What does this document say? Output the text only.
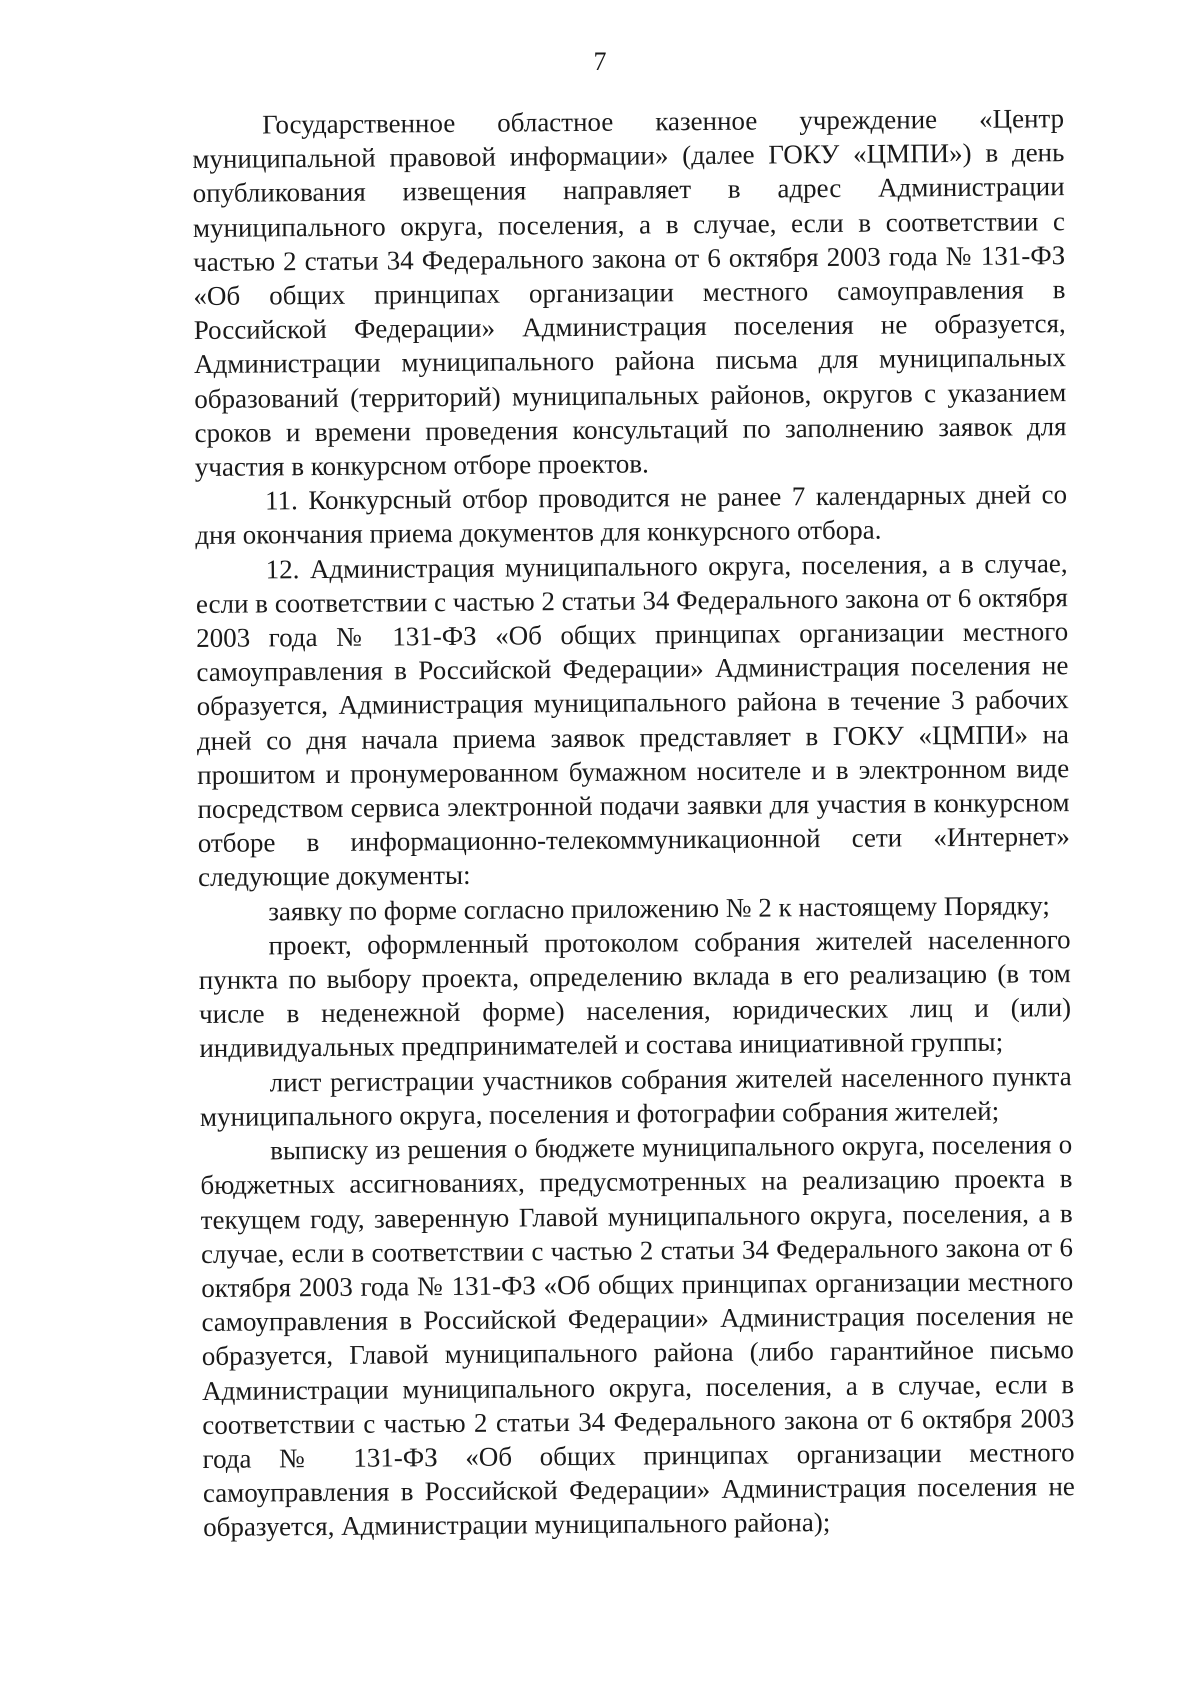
7

Государственное областное казенное учреждение «Центр муниципальной правовой информации» (далее ГОКУ «ЦМПИ») в день опубликования извещения направляет в адрес Администрации муниципального округа, поселения, а в случае, если в соответствии с частью 2 статьи 34 Федерального закона от 6 октября 2003 года № 131-ФЗ «Об общих принципах организации местного самоуправления в Российской Федерации» Администрация поселения не образуется, Администрации муниципального района письма для муниципальных образований (территорий) муниципальных районов, округов с указанием сроков и времени проведения консультаций по заполнению заявок для участия в конкурсном отборе проектов.

11. Конкурсный отбор проводится не ранее 7 календарных дней со дня окончания приема документов для конкурсного отбора.

12. Администрация муниципального округа, поселения, а в случае, если в соответствии с частью 2 статьи 34 Федерального закона от 6 октября 2003 года № 131-ФЗ «Об общих принципах организации местного самоуправления в Российской Федерации» Администрация поселения не образуется, Администрация муниципального района в течение 3 рабочих дней со дня начала приема заявок представляет в ГОКУ «ЦМПИ» на прошитом и пронумерованном бумажном носителе и в электронном виде посредством сервиса электронной подачи заявки для участия в конкурсном отборе в информационно-телекоммуникационной сети «Интернет» следующие документы:

заявку по форме согласно приложению № 2 к настоящему Порядку;

проект, оформленный протоколом собрания жителей населенного пункта по выбору проекта, определению вклада в его реализацию (в том числе в неденежной форме) населения, юридических лиц и (или) индивидуальных предпринимателей и состава инициативной группы;

лист регистрации участников собрания жителей населенного пункта муниципального округа, поселения и фотографии собрания жителей;

выписку из решения о бюджете муниципального округа, поселения о бюджетных ассигнованиях, предусмотренных на реализацию проекта в текущем году, заверенную Главой муниципального округа, поселения, а в случае, если в соответствии с частью 2 статьи 34 Федерального закона от 6 октября 2003 года № 131-ФЗ «Об общих принципах организации местного самоуправления в Российской Федерации» Администрация поселения не образуется, Главой муниципального района (либо гарантийное письмо Администрации муниципального округа, поселения, а в случае, если в соответствии с частью 2 статьи 34 Федерального закона от 6 октября 2003 года № 131-ФЗ «Об общих принципах организации местного самоуправления в Российской Федерации» Администрация поселения не образуется, Администрации муниципального района);
